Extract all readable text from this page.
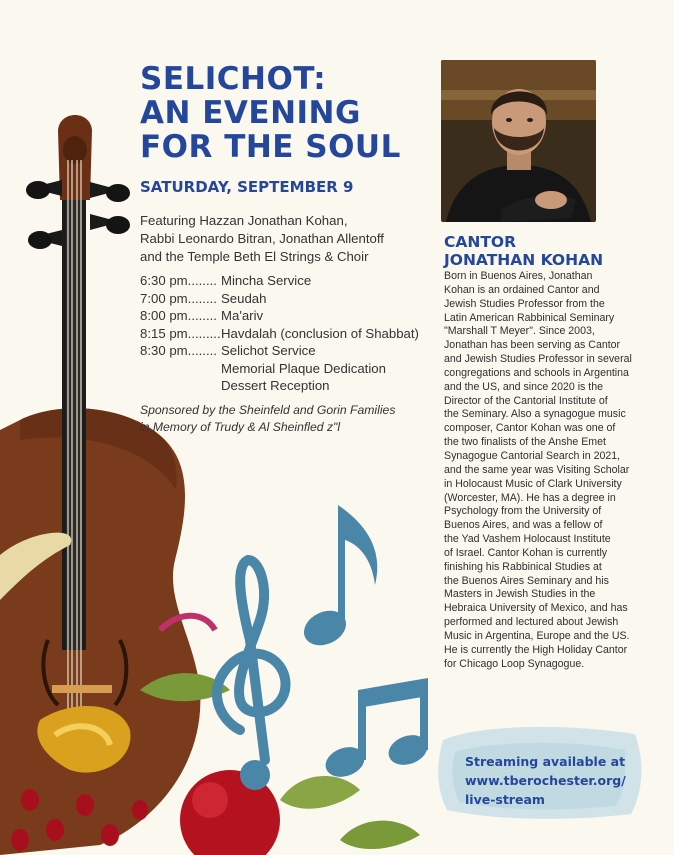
SELICHOT:
AN EVENING
FOR THE SOUL
SATURDAY, SEPTEMBER 9
Featuring Hazzan Jonathan Kohan,
Rabbi Leonardo Bitran, Jonathan Allentoff
and the Temple Beth El Strings & Choir
6:30 pm........ Mincha Service
7:00 pm........ Seudah
8:00 pm........ Ma'ariv
8:15 pm......... Havdalah (conclusion of Shabbat)
8:30 pm........ Selichot Service
Memorial Plaque Dedication
Dessert Reception
Sponsored by the Sheinfeld and Gorin Families
in Memory of Trudy & Al Sheinfled z"l
CANTOR
JONATHAN KOHAN
Born in Buenos Aires, Jonathan
Kohan is an ordained Cantor and
Jewish Studies Professor from the
Latin American Rabbinical Seminary
"Marshall T Meyer". Since 2003,
Jonathan has been serving as Cantor
and Jewish Studies Professor in several
congregations and schools in Argentina
and the US, and since 2020 is the
Director of the Cantorial Institute of
the Seminary. Also a synagogue music
composer, Cantor Kohan was one of
the two finalists of the Anshe Emet
Synagogue Cantorial Search in 2021,
and the same year was Visiting Scholar
in Holocaust Music of Clark University
(Worcester, MA). He has a degree in
Psychology from the University of
Buenos Aires, and was a fellow of
the Yad Vashem Holocaust Institute
of Israel. Cantor Kohan is currently
finishing his Rabbinical Studies at
the Buenos Aires Seminary and his
Masters in Jewish Studies in the
Hebraica University of Mexico, and has
performed and lectured about Jewish
Music in Argentina, Europe and the US.
He is currently the High Holiday Cantor
for Chicago Loop Synagogue.
Streaming available at
www.tberochester.org/
live-stream
